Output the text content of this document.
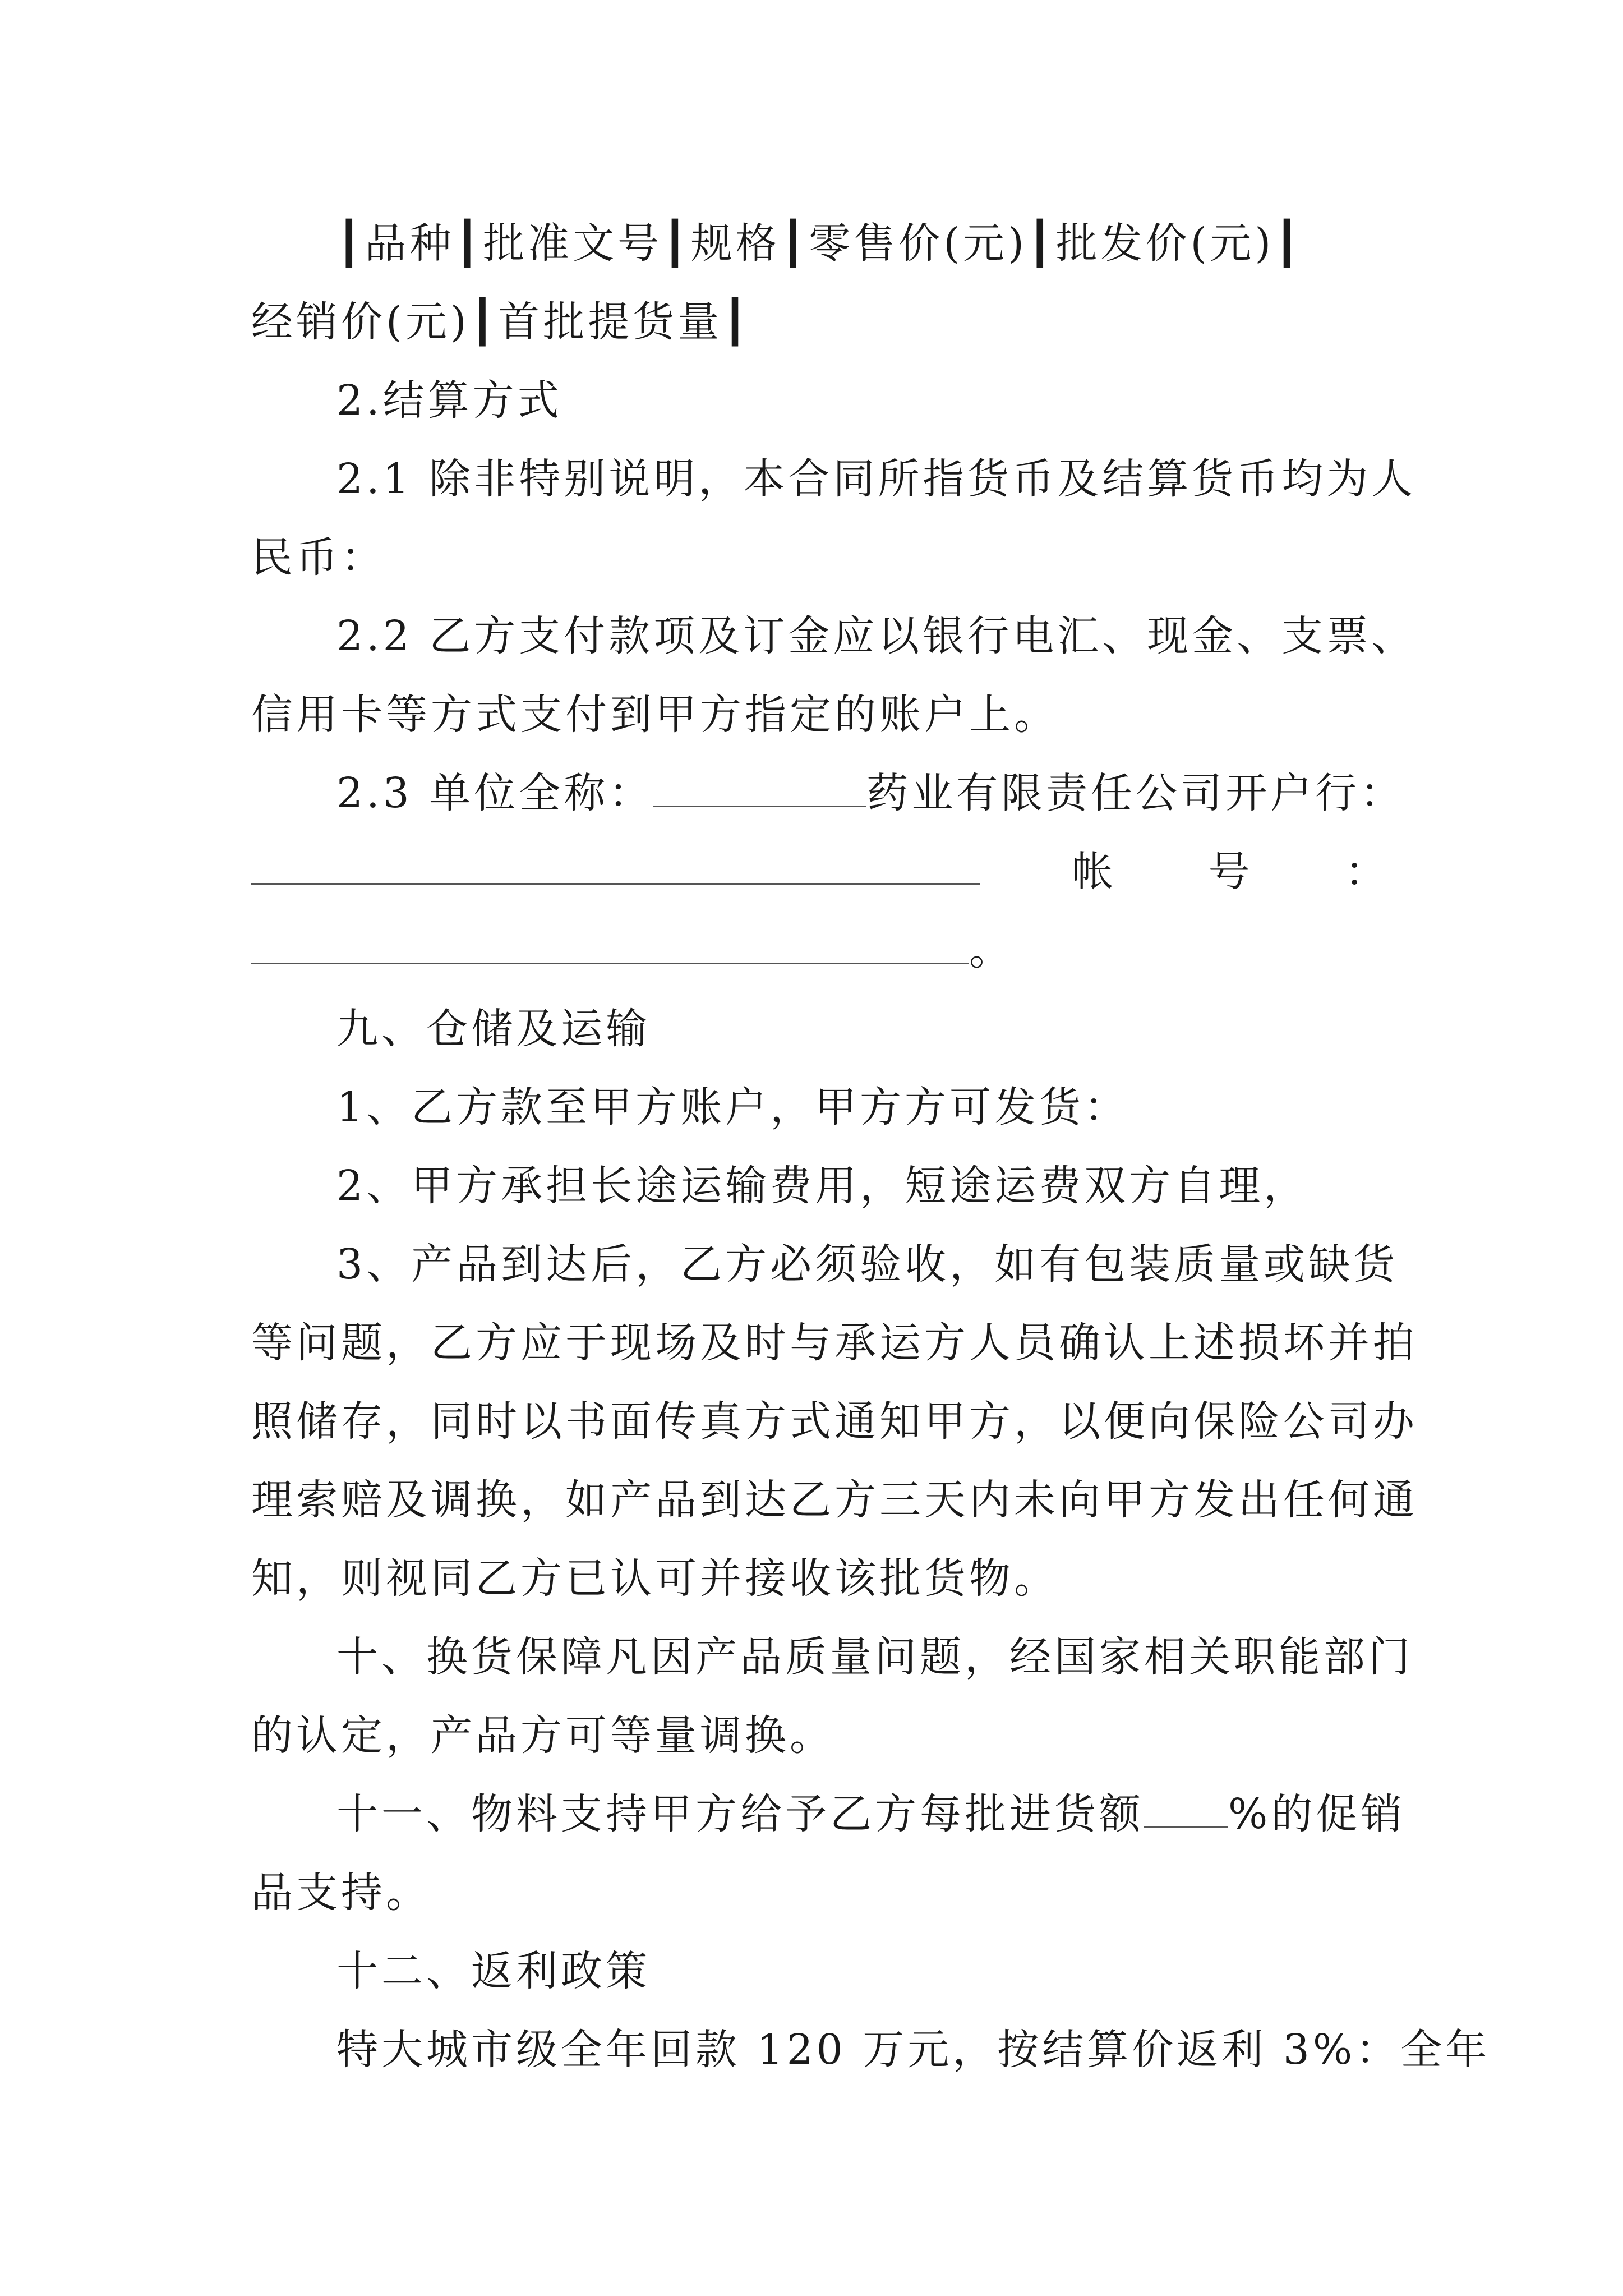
┃品种┃批准文号┃规格┃零售价(元)┃批发价(元)┃
经销价(元)┃首批提货量┃
2.结算方式
2.1 除非特别说明，本合同所指货币及结算货币均为人
民币：
2.2 乙方支付款项及订金应以银行电汇、现金、支票、
信用卡等方式支付到甲方指定的账户上。
2.3 单位全称：	药业有限责任公司开户行：
帐 号 ：
。
九、仓储及运输
1、乙方款至甲方账户，甲方方可发货：
2、甲方承担长途运输费用，短途运费双方自理，
3、产品到达后，乙方必须验收，如有包装质量或缺货
等问题，乙方应于现场及时与承运方人员确认上述损坏并拍
照储存，同时以书面传真方式通知甲方，以便向保险公司办
理索赔及调换，如产品到达乙方三天内未向甲方发出任何通
知，则视同乙方已认可并接收该批货物。
十、换货保障凡因产品质量问题，经国家相关职能部门
的认定，产品方可等量调换。
十一、物料支持甲方给予乙方每批进货额 %的促销
品支持。
十二、返利政策
特大城市级全年回款 120 万元，按结算价返利 3%：全年
